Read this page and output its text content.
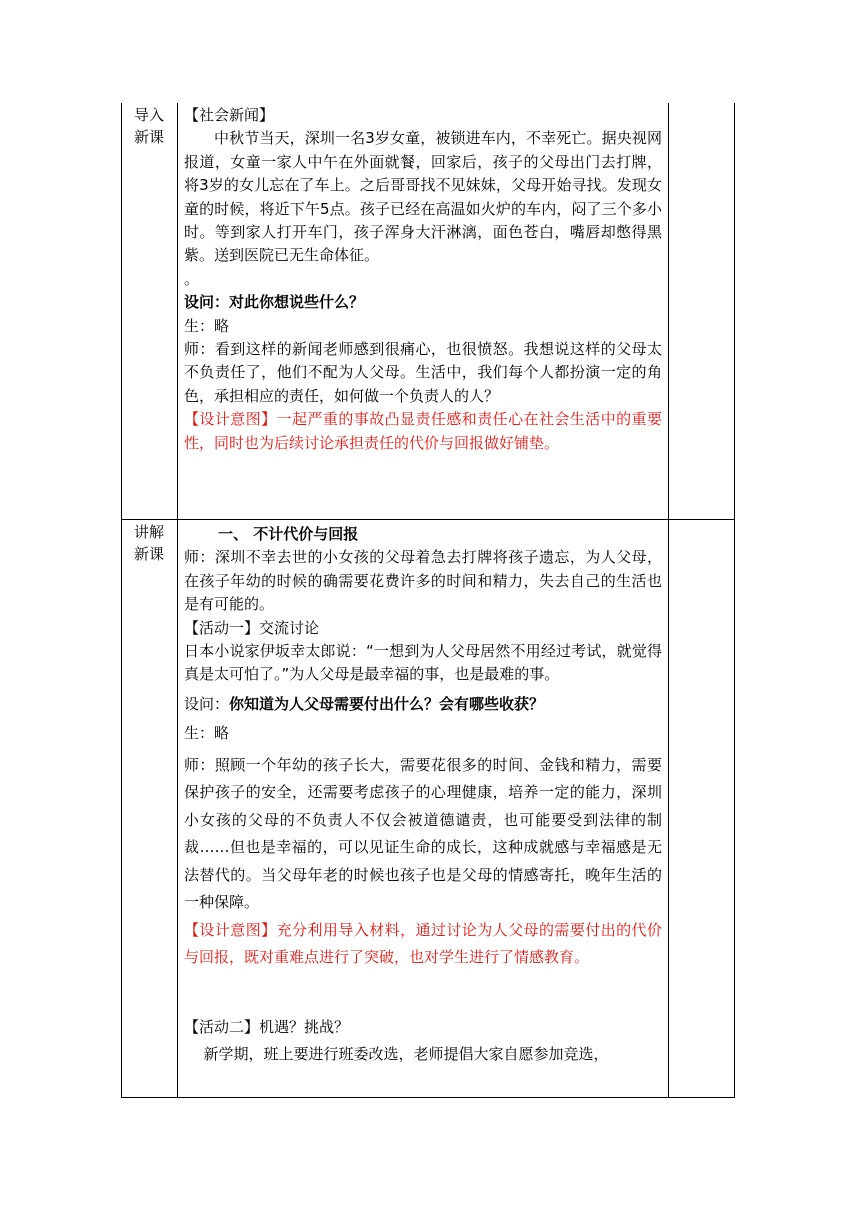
导入
新课

【社会新闻】

中秋节当天，深圳一名3岁女童，被锁进车内，不幸死亡。据央视网报道，女童一家人中午在外面就餐，回家后，孩子的父母出门去打牌，将3岁的女儿忘在了车上。之后哥哥找不见妹妹，父母开始寻找。发现女童的时候，将近下午5点。孩子已经在高温如火炉的车内，闷了三个多小时。等到家人打开车门，孩子浑身大汗淋漓，面色苍白，嘴唇却憋得黑紫。送到医院已无生命体征。

。

设问：对此你想说些什么？

生：略

师：看到这样的新闻老师感到很痛心，也很愤怒。我想说这样的父母太不负责任了，他们不配为人父母。生活中，我们每个人都扮演一定的角色，承担相应的责任，如何做一个负责人的人？

【设计意图】一起严重的事故凸显责任感和责任心在社会生活中的重要性，同时也为后续讨论承担责任的代价与回报做好铺垫。

讲解
新课

一、 不计代价与回报

师：深圳不幸去世的小女孩的父母着急去打牌将孩子遗忘，为人父母，在孩子年幼的时候的确需要花费许多的时间和精力，失去自己的生活也是有可能的。

【活动一】交流讨论

日本小说家伊坂幸太郎说：“一想到为人父母居然不用经过考试，就觉得真是太可怕了。”为人父母是最幸福的事，也是最难的事。

设问：你知道为人父母需要付出什么？会有哪些收获？

生：略

师：照顾一个年幼的孩子长大，需要花很多的时间、金钱和精力，需要保护孩子的安全，还需要考虑孩子的心理健康，培养一定的能力，深圳小女孩的父母的不负责人不仅会被道德谴责，也可能要受到法律的制裁……但也是幸福的，可以见证生命的成长，这种成就感与幸福感是无法替代的。当父母年老的时候也孩子也是父母的情感寄托，晚年生活的一种保障。

【设计意图】充分利用导入材料，通过讨论为人父母的需要付出的代价与回报，既对重难点进行了突破，也对学生进行了情感教育。

【活动二】机遇？挑战？

新学期，班上要进行班委改选，老师提倡大家自愿参加竞选，
